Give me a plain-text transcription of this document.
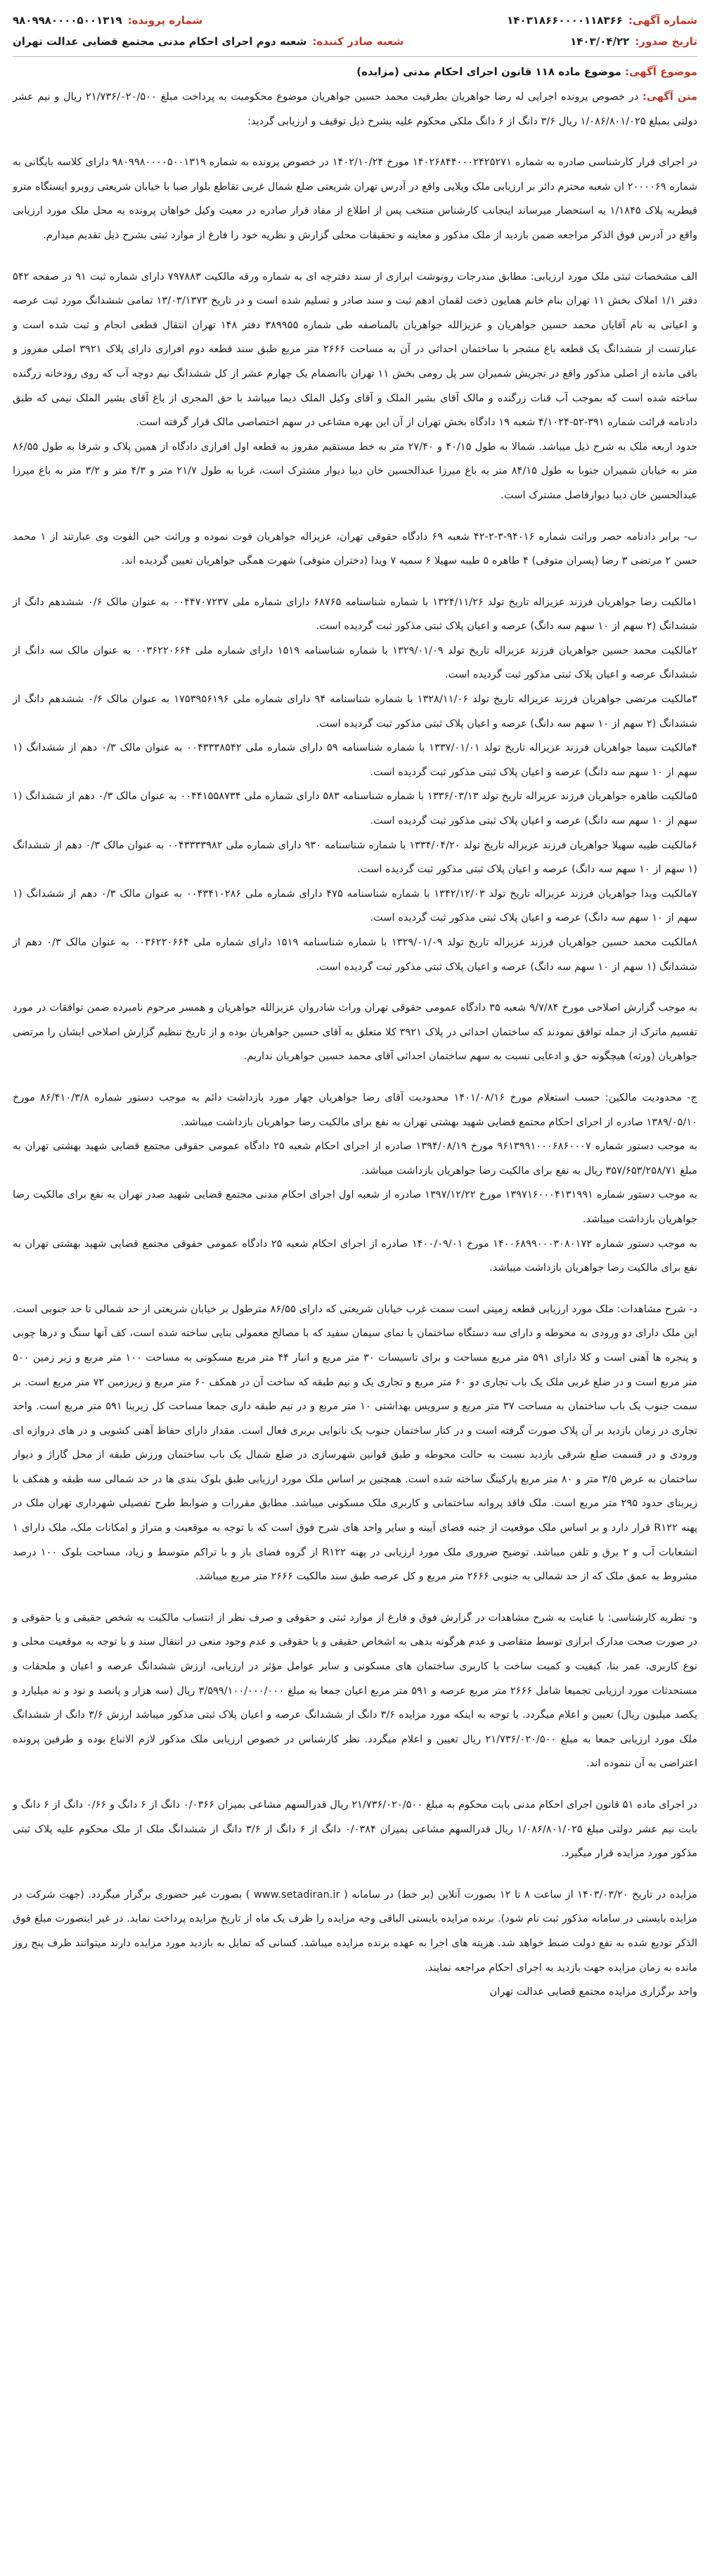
شماره آگهی:
۱۴۰۳۱۸۶۶۰۰۰۰۱۱۸۳۶۶
شماره پرونده:
۹۸۰۹۹۸۰۰۰۰۵۰۰۱۳۱۹
تاریخ صدور:
۱۴۰۳/۰۴/۲۲
شعبه صادر کننده:
شعبه دوم اجرای احکام مدنی مجتمع قضایی عدالت تهران
موضوع آگهی: موضوع ماده ۱۱۸ قانون اجرای احکام مدنی (مزایده)

متن آگهی: در خصوص پرونده اجرایی له رضا جواهریان بطرفیت محمد حسین جواهریان موضوع محکومیت به پرداخت مبلغ ۲۱/۷۳۶/۰۲۰/۵۰۰ ریال و نیم عشر دولتی بمبلغ ۱/۰۸۶/۸۰۱/۰۲۵ ریال ۳/۶ دانگ از ۶ دانگ ملکی محکوم علیه بشرح ذیل توقیف و ارزیابی گردید:

در اجرای قرار کارشناسی صادره به شماره ۱۴۰۲۶۸۴۴۰۰۰۲۴۲۵۲۷۱ مورخ ۱۴۰۲/۱۰/۲۴ در خصوص پرونده به شماره ۹۸۰۹۹۸۰۰۰۰۵۰۰۱۳۱۹ دارای کلاسه بایگانی به شماره ۲۰۰۰۰۶۹ ان شعبه محترم دائر بر ارزیابی ملک ویلایی واقع در آدرس تهران شریعتی ضلع شمال غربی تقاطع بلوار صبا با خیابان شریعتی روبرو ایستگاه مترو قیطریه پلاک ۱/۱۸۴۵ به استحضار میرساند اینجانب کارشناس منتخب پس از اطلاع از مفاد قرار صادره در معیت وکیل خواهان پرونده به محل ملک مورد ارزیابی واقع در آدرس فوق الذکر مراجعه ضمن بازدید از ملک مذکور و معاینه و تحقیقات محلی گزارش و نظریه خود را فارغ از موارد ثبتی بشرح ذیل تقدیم میدارم.

الف مشخصات ثبتی ملک مورد ارزیابی: مطابق مندرجات رونوشت ابرازی از سند دفترچه ای به شماره ورقه مالکیت ۷۹۷۸۸۳ دارای شماره ثبت ۹۱ در صفحه ۵۴۲ دفتر ۱/۱ املاک بخش ۱۱ تهران بنام خانم همایون ذخت لقمان ادهم ثبت و سند صادر و تسلیم شده است و در تاریخ ۱۳/۰۳/۱۳۷۳ تمامی ششدانگ مورد ثبت عرصه و اعیانی به نام آقایان محمد حسین جواهریان و عزیزالله جواهریان بالمناصفه طی شماره ۳۸۹۹۵۵ دفتر ۱۴۸ تهران انتقال قطعی انجام و ثبت شده است و عبارتست از ششدانگ یک قطعه باغ مشجر با ساختمان احداثی در آن به مساحت ۲۶۶۶ متر مربع طبق سند قطعه دوم افرازی دارای پلاک ۳۹۲۱ اصلی مفروز و باقی مانده از اصلی مذکور واقع در تجریش شمیران سر پل رومی بخش ۱۱ تهران باانضمام یک چهارم عشر از کل ششدانگ نیم دوچه آب که روی رودخانه زرگنده ساخته شده است که بموجب آب قنات زرگنده و مالک آقای بشیر الملک و آقای وکیل الملک دیما میباشد با حق المجری از باغ آقای بشیر الملک نیمی که طبق دادنامه قرائت شماره ۳۹۱-۵۲-۴/۱۰۲۴ شعبه ۱۹ دادگاه بخش تهران از آن این بهره مشاعی در سهم اختصاصی مالک قرار گرفته است.

حدود اربعه ملک به شرح ذیل میباشد. شمالا به طول ۴۰/۱۵ و ۲۷/۴۰ متر به خط مستقیم مفروز به قطعه اول افرازی دادگاه از همین پلاک و شرقا به طول ۸۶/۵۵ متر به خیابان شمیران جنوبا به طول ۸۴/۱۵ متر به باغ میرزا عبدالحسین خان دیبا دیوار مشترک است، غربا به طول ۲۱/۷ متر و ۴/۳ متر و ۳/۲ متر به باغ میرزا عبدالحسین خان دیبا دیوارفاصل مشترک است.

ب- برابر دادنامه حصر وراثت شماره ۹۴۰۱۶-۳-۲-۴۲ شعبه ۶۹ دادگاه حقوقی تهران، عزیزاله جواهریان فوت نموده و وراثت حین الفوت وی عبارتند از ۱ محمد حسن ۲ مرتضی ۳ رضا (پسران متوفی) ۴ طاهره ۵ طیبه سهیلا ۶ سمیه ۷ ویدا (دختران متوفی) شهرت همگی جواهریان تعیین گردیده اند.

۱مالکیت رضا جواهریان فرزند عزیزاله تاریخ تولد ۱۳۲۴/۱۱/۲۶ با شماره شناسنامه ۶۸۷۶۵ دارای شماره ملی ۰۰۴۴۷۰۷۲۳۷ به عنوان مالک ۰/۶ ششدهم دانگ از ششدانگ (۲ سهم از ۱۰ سهم سه دانگ) عرصه و اعیان پلاک ثبتی مذکور ثبت گردیده است.

۲مالکیت محمد حسین جواهریان فرزند عزیزاله تاریخ تولد ۱۳۲۹/۰۱/۰۹ با شماره شناسنامه ۱۵۱۹ دارای شماره ملی ۰۰۳۶۲۲۰۶۶۴ به عنوان مالک سه دانگ از ششدانگ عرصه و اعیان پلاک ثبتی مذکور ثبت گردیده است.

۳مالکیت مرتضی جواهریان فرزند عزیزاله تاریخ تولد ۱۳۲۸/۱۱/۰۶ با شماره شناسنامه ۹۴ دارای شماره ملی ۱۷۵۳۹۵۶۱۹۶ به عنوان مالک ۰/۶ ششدهم دانگ از ششدانگ (۲ سهم از ۱۰ سهم سه دانگ) عرصه و اعیان پلاک ثبتی مذکور ثبت گردیده است.

۴مالکیت سیما جواهریان فرزند عزیزاله تاریخ تولد ۱۳۳۷/۰۱/۰۱ با شماره شناسنامه ۵۹ دارای شماره ملی ۰۰۴۳۳۳۸۵۴۲ به عنوان مالک ۰/۳ دهم از ششدانگ (۱ سهم از ۱۰ سهم سه دانگ) عرصه و اعیان پلاک ثبتی مذکور ثبت گردیده است.

۵مالکیت طاهره جواهریان فرزند عزیزاله تاریخ تولد ۱۳۳۶/۰۳/۱۳ با شماره شناسنامه ۵۸۳ دارای شماره ملی ۰۰۴۴۱۵۵۸۷۳۴ به عنوان مالک ۰/۳ دهم از ششدانگ (۱ سهم از ۱۰ سهم سه دانگ) عرصه و اعیان پلاک ثبتی مذکور ثبت گردیده است.

۶مالکیت طیبه سهیلا جواهریان فرزند عزیزاله تاریخ تولد ۱۳۳۴/۰۴/۲۰ با شماره شناسنامه ۹۳۰ دارای شماره ملی ۰۰۴۳۳۳۳۹۸۲ به عنوان مالک ۰/۳ دهم از ششدانگ (۱ سهم از ۱۰ سهم سه دانگ) عرصه و اعیان پلاک ثبتی مذکور ثبت گردیده است.

۷مالکیت ویدا جواهریان فرزند عزیزاله تاریخ تولد ۱۳۴۲/۱۲/۰۳ با شماره شناسنامه ۴۷۵ دارای شماره ملی ۰۰۴۳۴۱۰۲۸۶ به عنوان مالک ۰/۳ دهم از ششدانگ (۱ سهم از ۱۰ سهم سه دانگ) عرصه و اعیان پلاک ثبتی مذکور ثبت گردیده است.

۸مالکیت محمد حسین جواهریان فرزند عزیزاله تاریخ تولد ۱۳۲۹/۰۱/۰۹ با شماره شناسنامه ۱۵۱۹ دارای شماره ملی ۰۰۳۶۲۲۰۶۶۴ به عنوان مالک ۰/۳ دهم از ششدانگ (۱ سهم از ۱۰ سهم سه دانگ) عرصه و اعیان پلاک ثبتی مذکور ثبت گردیده است.

به موجب گزارش اصلاحی مورخ ۹/۷/۸۴ شعبه ۳۵ دادگاه عمومی حقوقی تهران وراث شادروان عزیزالله جواهریان و همسر مرحوم نامبرده ضمن توافقات در مورد تقسیم ماترک از جمله توافق نمودند که ساختمان احداثی در پلاک ۳۹۲۱ کلا متعلق به آقای حسین جواهریان بوده و از تاریخ تنظیم گزارش اصلاحی ایشان را مرتضی جواهریان (ورثه) هیچگونه حق و ادعایی نسبت به سهم ساختمان احداثی آقای محمد حسین جواهریان نداریم.

ج- محدودیت مالکین: حسب استعلام مورخ ۱۴۰۱/۰۸/۱۶ محدودیت آقای رضا جواهریان چهار مورد بازداشت دائم به موجب دستور شماره ۸۶/۴۱۰/۳/۸ مورخ ۱۳۸۹/۰۵/۱۰ صادره از اجرای احکام مجتمع قضایی شهید بهشتی تهران به نفع برای مالکیت رضا جواهریان بازداشت میباشد.

به موجب دستور شماره ۹۶۱۳۹۹۱۰۰۰۶۸۶۰۰۰۷ مورخ ۱۳۹۴/۰۸/۱۹ صادره از اجرای احکام شعبه ۲۵ دادگاه عمومی حقوقی مجتمع قضایی شهید بهشتی تهران به مبلغ ۳۵۷/۶۵۳/۲۵۸/۷۱ ریال به نفع برای مالکیت رضا جواهریان بازداشت میباشد.

به موجب دستور شماره ۱۳۹۷۱۶۰۰۰۴۱۳۱۹۹۱ مورخ ۱۳۹۷/۱۲/۲۲ صادره از شعبه اول اجرای احکام مدنی مجتمع قضایی شهید صدر تهران به نفع برای مالکیت رضا جواهریان بازداشت میباشد.

به موجب دستور شماره ۱۴۰۰۶۸۹۹۰۰۰۳۰۸۰۱۷۲ مورخ ۱۴۰۰/۰۹/۰۱ صادره از اجرای احکام شعبه ۲۵ دادگاه عمومی حقوقی مجتمع قضایی شهید بهشتی تهران به نفع برای مالکیت رضا جواهریان بازداشت میباشد.

د- شرح مشاهدات: ملک مورد ارزیابی قطعه زمینی است سمت غرب خیابان شریعتی که دارای ۸۶/۵۵ مترطول بر خیابان شریعتی از حد شمالی تا حد جنوبی است. این ملک دارای دو ورودی به محوطه و دارای سه دستگاه ساختمان با نمای سیمان سفید که با مصالح معمولی بنایی ساخته شده است، کف آنها سنگ و درها چوبی و پنجره ها آهنی است و کلا دارای ۵۹۱ متر مربع مساحت و برای تاسیسات ۳۰ متر مربع و انبار ۴۴ متر مربع مسکونی به مساحت ۱۰۰ متر مربع و زیر زمین ۵۰۰ متر مربع است و در ضلع غربی ملک یک باب تجاری دو ۶۰ متر مربع و تجاری یک و نیم طبقه که ساخت آن در همکف ۶۰ متر مربع و زیرزمین ۷۲ متر مربع است. بر سمت جنوب یک باب ساختمان به مساحت ۳۷ متر مربع و سرویس بهداشتی ۱۰ متر مربع و در نیم طبقه داری جمعا مساحت کل زیربنا ۵۹۱ متر مربع است. واحد تجاری در زمان بازدید بر آن پلاک صورت گرفته است و در کنار ساختمان جنوب یک نانوایی بربری فعال است. مقدار دارای حفاظ آهنی کشویی و در های دروازه ای ورودی و در قسمت ضلع شرقی بازدید نسبت به حالت محوطه و طبق قوانین شهرسازی در ضلع شمال یک باب ساختمان ورزش طبقه از محل گاراژ و دیوار ساختمان به عرض ۳/۵ متر و ۸۰ متر مربع پارکینگ ساخته شده است. همچنین بر اساس ملک مورد ارزیابی طبق بلوک بندی ها در حد شمالی سه طبقه و همکف با زیربنای حدود ۲۹۵ متر مربع است. ملک فاقد پروانه ساختمانی و کاربری ملک مسکونی میباشد. مطابق مقررات و ضوابط طرح تفصیلی شهرداری تهران ملک در پهنه R۱۲۲ قرار دارد و بر اساس ملک موقعیت از جنبه فضای آیینه و سایر واحد های شرح فوق است که با توجه به موقعیت و متراژ و امکانات ملک، ملک دارای ۱ انشعابات آب و ۲ برق و تلفن میباشد. توضیح ضروری ملک مورد ارزیابی در پهنه R۱۲۲ از گروه فضای باز و با تراکم متوسط و زیاد، مساحت بلوک ۱۰۰ درصد مشروط به عمق ملک که از حد شمالی به جنوبی ۲۶۶۶ متر مربع و کل عرصه طبق سند مالکیت ۲۶۶۶ متر مربع میباشد.

و- نظریه کارشناسی: با عنایت به شرح مشاهدات در گزارش فوق و فارغ از موارد ثبتی و حقوقی و صرف نظر از انتساب مالکیت به شخص حقیقی و یا حقوقی و در صورت صحت مدارک ابرازی توسط متقاضی و عدم هرگونه بدهی به اشخاص حقیقی و یا حقوقی و عدم وجود منعی در انتقال سند و با توجه به موقعیت محلی و نوع کاربری، عمر بنا، کیفیت و کمیت ساخت با کاربری ساختمان های مسکونی و سایر عوامل مؤثر در ارزیابی، ارزش ششدانگ عرصه و اعیان و ملحقات و مستحدثات مورد ارزیابی تجمیعا شامل ۲۶۶۶ متر مربع عرصه و ۵۹۱ متر مربع اعیان جمعا به مبلغ ۳/۵۹۹/۱۰۰/۰۰۰/۰۰۰ ریال (سه هزار و پانصد و نود و نه میلیارد و یکصد میلیون ریال) تعیین و اعلام میگردد. با توجه به اینکه مورد مزایده ۳/۶ دانگ از ششدانگ عرصه و اعیان پلاک ثبتی مذکور میباشد ارزش ۳/۶ دانگ از ششدانگ ملک مورد ارزیابی جمعا به مبلغ ۲۱/۷۳۶/۰۲۰/۵۰۰ ریال تعیین و اعلام میگردد. نظر کارشناس در خصوص ارزیابی ملک مذکور لازم الاتباع بوده و طرفین پرونده اعتراضی به آن ننموده اند.

در اجرای ماده ۵۱ قانون اجرای احکام مدنی بابت محکوم به مبلغ ۲۱/۷۳۶/۰۲۰/۵۰۰ ریال قدرالسهم مشاعی بمیزان ۰/۰۳۶۶ دانگ از ۶ دانگ و ۰/۶۶ دانگ از ۶ دانگ و بابت نیم عشر دولتی مبلغ ۱/۰۸۶/۸۰۱/۰۲۵ ریال قدرالسهم مشاعی بمیزان ۰/۰۳۸۴ دانگ از ۶ دانگ از ۳/۶ دانگ از ششدانگ ملک از ملک محکوم علیه پلاک ثبتی مذکور مورد مزایده قرار میگیرد.

مزایده در تاریخ ۱۴۰۳/۰۳/۲۰ از ساعت ۸ تا ۱۲ بصورت آنلاین (بر خط) در سامانه ( www.setadiran.ir ) بصورت غیر حضوری برگزار میگردد. (جهت شرکت در مزایده بایستی در سامانه مذکور ثبت نام شود). برنده مزایده بایستی الباقی وجه مزایده را ظرف یک ماه از تاریخ مزایده پرداخت نماید. در غیر اینصورت مبلغ فوق الذکر تودیع شده به نفع دولت ضبط خواهد شد. هزینه های اجرا به عهده برنده مزایده میباشد. کسانی که تمایل به بازدید مورد مزایده دارند میتوانند ظرف پنج روز مانده به زمان مزایده جهت بازدید به اجرای احکام مراجعه نمایند.

واحد برگزاری مزایده مجتمع قضایی عدالت تهران
